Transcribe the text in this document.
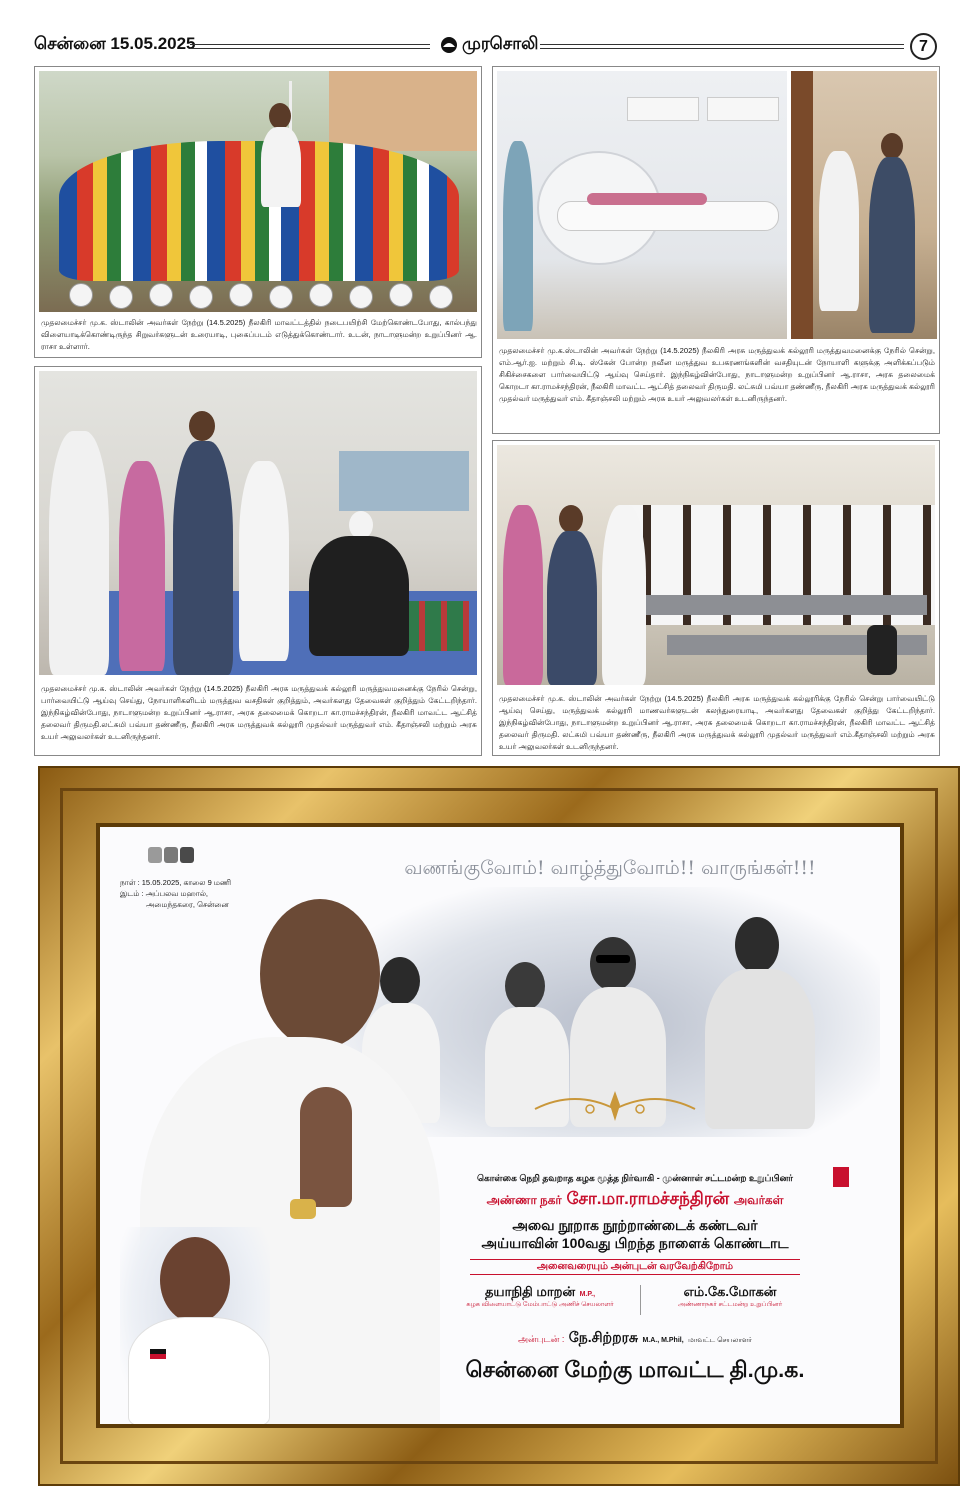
சென்னை 15.05.2025	முரசொலி	7
முதலமைச்சர் மு.க. ஸ்டாலின் அவர்கள் நேற்று (14.5.2025) நீலகிரி மாவட்டத்தில் நடைபயிற்சி மேற்கொண்டபோது, கால்பந்து விளையாடிக்கொண்டிருந்த சிறுவர்களுடன் உரையாடி, புகைப்படம் எடுத்துக்கொண்டார். உடன், நாடாளுமன்ற உறுப்பினர் ஆ. ராசா உள்ளார்.	முதலமைச்சர் மு.க.ஸ்டாலின் அவர்கள் நேற்று (14.5.2025) நீலகிரி அரசு மருத்துவக் கல்லூரி மருத்துவமனைக்கு நேரில் சென்று, எம்.ஆர்.ஐ. மற்றும் சி.டி. ஸ்கேன் போன்ற நவீன மருத்துவ உபகரணங்களின் வசதியுடன் நோயாளி களுக்கு அளிக்கப்படும் சிகிச்சைகளை பார்வையிட்டு ஆய்வு செய்தார். இந்நிகழ்வின்போது, நாடாளுமன்ற உறுப்பினர் ஆ.ராசா, அரசு தலைமைக் கொறடா கா.ராமச்சந்திரன், நீலகிரி மாவட்ட ஆட்சித் தலைவர் திருமதி. லட்சுமி பவ்யா தண்ணீரு, நீலகிரி அரசு மருத்துவக் கல்லூரி முதல்வர் மருத்துவர் எம். கீதாஞ்சலி மற்றும் அரசு உயர் அலுவலர்கள் உடனிருந்தனர்.
முதலமைச்சர் மு.க. ஸ்டாலின் அவர்கள் நேற்று (14.5.2025) நீலகிரி அரசு மருத்துவக் கல்லூரி மருத்துவமனைக்கு நேரில் சென்று, பார்வையிட்டு ஆய்வு செய்து, நோயாளிகளிடம் மருத்துவ வசதிகள் குறித்தும், அவர்களது தேவைகள் குறித்தும் கேட்டறிந்தார். இந்நிகழ்வின்போது, நாடாளுமன்ற உறுப்பினர் ஆ.ராசா, அரசு தலைமைக் கொறடா கா.ராமச்சந்திரன், நீலகிரி மாவட்ட ஆட்சித் தலைவர் திருமதி.லட்சுமி பவ்யா தண்ணீரு, நீலகிரி அரசு மருத்துவக் கல்லூரி முதல்வர் மருத்துவர் எம். கீதாஞ்சலி மற்றும் அரசு உயர் அலுவலர்கள் உடனிருந்தனர்.
முதலமைச்சர் மு.க. ஸ்டாலின் அவர்கள் நேற்று (14.5.2025) நீலகிரி அரசு மருத்துவக் கல்லூரிக்கு நேரில் சென்று பார்வையிட்டு ஆய்வு செய்து, மருத்துவக் கல்லூரி மாணவர்களுடன் கலந்துரையாடி, அவர்களது தேவைகள் குறித்து கேட்டறிந்தார். இந்நிகழ்வின்போது, நாடாளுமன்ற உறுப்பினர் ஆ.ராசா, அரசு தலைமைக் கொறடா கா.ராமச்சந்திரன், நீலகிரி மாவட்ட ஆட்சித் தலைவர் திருமதி. லட்சுமி பவ்யா தண்ணீரு, நீலகிரி அரசு மருத்துவக் கல்லூரி முதல்வர் மருத்துவர் எம்.கீதாஞ்சலி மற்றும் அரசு உயர் அலுவலர்கள் உடனிருந்தனர்.
வணங்குவோம்! வாழ்த்துவோம்!! வாருங்கள்!!!
நாள் : 15.05.2025, காலை 9 மணி
இடம் : அப்பலவ மஹால்,
அமைந்தகரை, சென்னை
கொள்கை நெறி தவறாத கழக மூத்த நிர்வாகி - முன்னாள் சட்டமன்ற உறுப்பினர்
அண்ணா நகர் சோ.மா.ராமச்சந்திரன் அவர்கள்
அவை நூறாக நூற்றாண்டைக் கண்டவர்
அய்யாவின் 100வது பிறந்த நாளைக் கொண்டாட
அனைவரையும் அன்புடன் வரவேற்கிறோம்
தயாநிதி மாறன் M.P.,
கழக விளையாட்டு மேம்பாட்டு அணிச் செயலாளர்
எம்.கே.மோகன்
அண்ணாநகர் சட்டமன்ற உறுப்பினர்
அன்புடன் : நே.சிற்றரசு M.A., M.Phil, மாவட்ட செயலாளர்
சென்னை மேற்கு மாவட்ட தி.மு.க.
